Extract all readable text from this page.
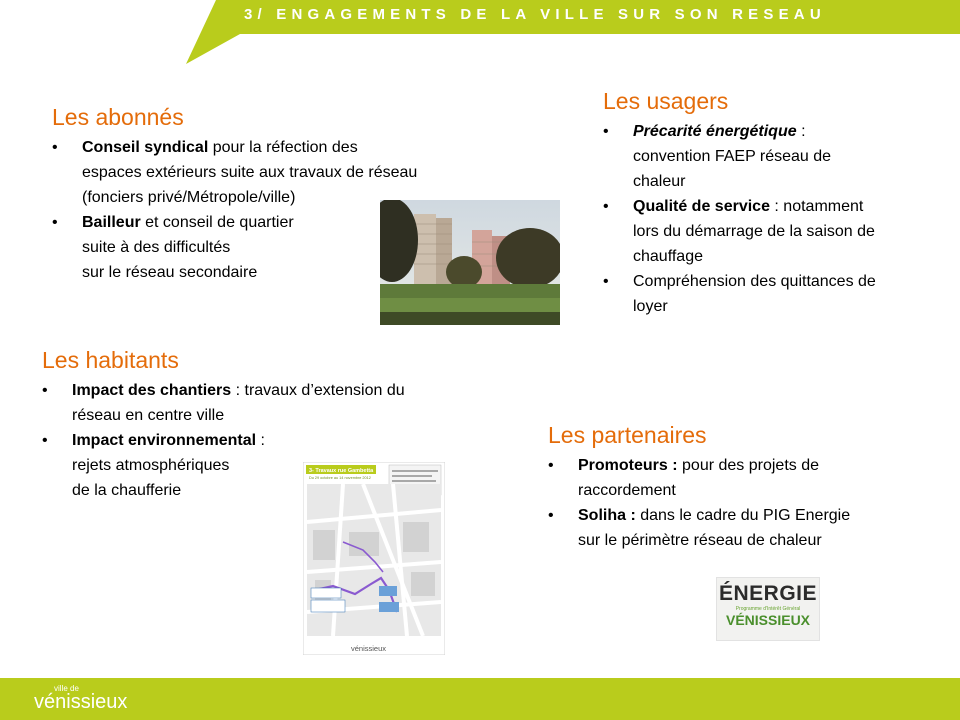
3/ ENGAGEMENTS DE LA VILLE SUR SON RESEAU
Les abonnés
• Conseil syndical pour la réfection des
espaces extérieurs suite aux travaux de réseau
(fonciers privé/Métropole/ville)
• Bailleur et conseil de quartier
suite à des difficultés
sur le réseau secondaire
Les usagers
• Précarité énergétique :
convention FAEP réseau de
chaleur
• Qualité de service : notamment
lors du démarrage de la saison de
chauffage
• Compréhension des quittances de
loyer
Les habitants
• Impact des chantiers : travaux d’extension du
réseau en centre ville
• Impact environnemental :
rejets atmosphériques
de la chaufferie
3- Travaux rue Gambetta
Du 29 octobre au 14 novembre 2012
vénissieux
Les partenaires
• Promoteurs : pour des projets de
raccordement
• Soliha : dans le cadre du PIG Energie
sur le périmètre réseau de chaleur
ÉNERGIE
Programme d'Intérêt Général
VÉNISSIEUX
ville de
vénissieux
